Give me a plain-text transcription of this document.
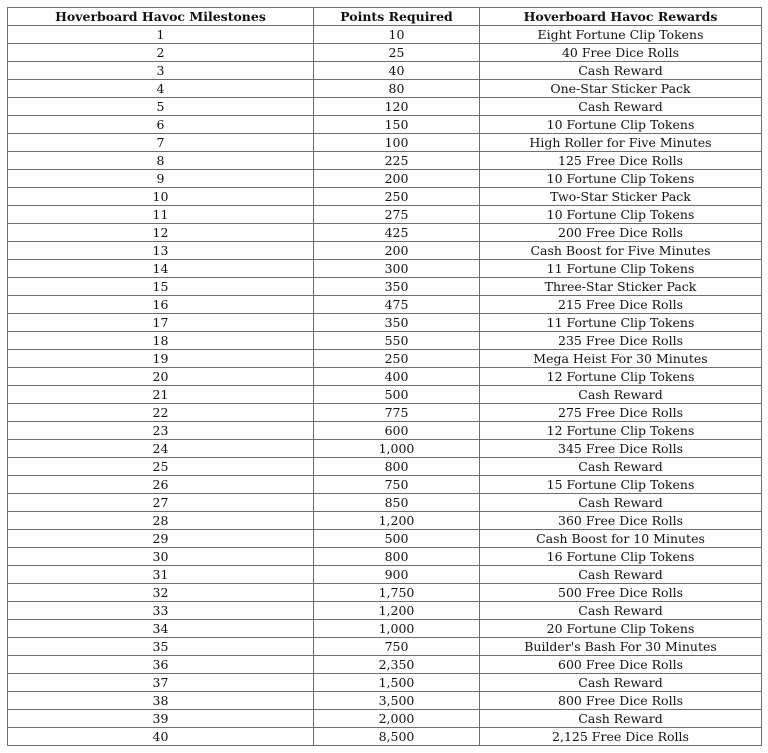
Hoverboard Havoc Milestones	Points Required	Hoverboard Havoc Rewards
1	10	Eight Fortune Clip Tokens
2	25	40 Free Dice Rolls
3	40	Cash Reward
4	80	One-Star Sticker Pack
5	120	Cash Reward
6	150	10 Fortune Clip Tokens
7	100	High Roller for Five Minutes
8	225	125 Free Dice Rolls
9	200	10 Fortune Clip Tokens
10	250	Two-Star Sticker Pack
11	275	10 Fortune Clip Tokens
12	425	200 Free Dice Rolls
13	200	Cash Boost for Five Minutes
14	300	11 Fortune Clip Tokens
15	350	Three-Star Sticker Pack
16	475	215 Free Dice Rolls
17	350	11 Fortune Clip Tokens
18	550	235 Free Dice Rolls
19	250	Mega Heist For 30 Minutes
20	400	12 Fortune Clip Tokens
21	500	Cash Reward
22	775	275 Free Dice Rolls
23	600	12 Fortune Clip Tokens
24	1,000	345 Free Dice Rolls
25	800	Cash Reward
26	750	15 Fortune Clip Tokens
27	850	Cash Reward
28	1,200	360 Free Dice Rolls
29	500	Cash Boost for 10 Minutes
30	800	16 Fortune Clip Tokens
31	900	Cash Reward
32	1,750	500 Free Dice Rolls
33	1,200	Cash Reward
34	1,000	20 Fortune Clip Tokens
35	750	Builder's Bash For 30 Minutes
36	2,350	600 Free Dice Rolls
37	1,500	Cash Reward
38	3,500	800 Free Dice Rolls
39	2,000	Cash Reward
40	8,500	2,125 Free Dice Rolls
